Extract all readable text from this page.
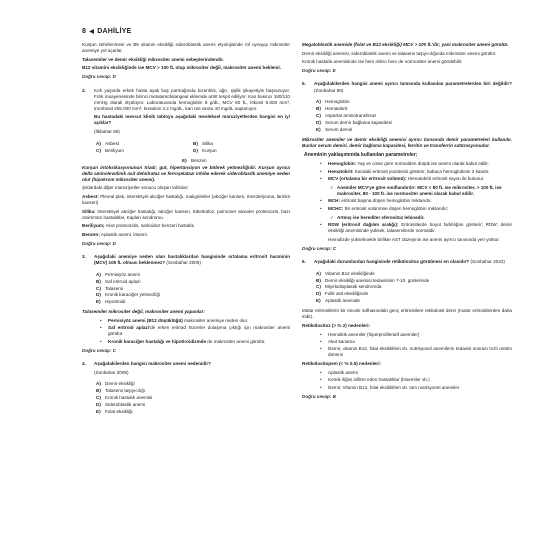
8 ◀ DAHİLİYE

Kurşun zehirlenmesi ve B6 vitamin eksikliği sideroblastik anemi etyolojisinde rol oynayıp mikrositer anemiye yol açarlar.

Talasemiler ve demir eksikliği mikrositer anemi sebeplerindendir.

B12 vitamini eksikliğinde ise MCV > 100 fL olup mikrositer değil, makrositer anemi beklenir.

Doğru cevap: D
2.	Kırk yaşında erkek hasta ayak baş parmağında kızarıklık, ağrı, şişlik şikayetiyle başvuruyor. Fizik muayenesinde birinci metatarsofalangeal eklemde artrit tespit ediliyor. Kan basıncı 180/110 mmHg olarak ölçülüyor. Laboratuvarda hemoglobin 8 g/dL, MCV 60 fL, lökosit 6.000 mm³, trombosit 255.000 mm³, kreatinin 3.2 mg/dL, kan üre azotu 40 mg/dL saptanıyor.

Bu hastadaki mevcut klinik tabloyu aşağıdaki mesleksel maruziyetlerden hangisi en iyi açıklar?

(İlkbahar 88)

A) Asbest	B) Silika
C) Beriliyum	D) Kurşun
E) Benzen

Kurşun intoksikasyonunun triadı; gut, hipertansiyon ve böbrek yetmezliğidir. Kurşun ayrıca delta aminolevülinik asit dehidrataz ve ferroşelatazı inhibe ederek sideroblastik anemiye neden olur (hipokrom mikrositer anemi).

Şıklardaki diğer maruziyetler sonucu oluşan tablolar;

Asbest: Plevral plak, interstisyel akciğer hastalığı, malignitelier (akciğer kanseri, mezotelyoma, larinks kanseri)

Silika: İnterstisyel akciğer hastalığı, akciğer kanseri, tüberküloz, pulmoner alveoler proteinozis, bazı otoimmün hastalıklar, Kaplan sendromu.

Beriliyum; Akut pnömonitis, sarkoidoz benzeri hastalık.

Benzen; Aplastik anemi, lösemi.

Doğru cevap: D
3.	Aşağıdaki anemiye neden olan hastalıklardan hangisinde ortalama eritrosit hacminin (MCV) 105 fL olması beklenmez? (Sonbahar 2005)

A) Pernisiyöz anemi
B) Saf eritroid aplazi
C) Talasemi
D) Kronik karaciğer yetmezliği
E) Hipotiroidi

Talasemiler mikrositer değil, makrositer anemi yapanlar:

•	Pernisiyöz anemi (B12 düşüklüğü) makrositer anemiye neden olur.
•	Saf eritroid aplazi'de erken eritroid hücreler dolaşıma çıktığı için makrositer anemi görülür.
•	Kronik karaciğer hastalığı ve hipotiroidizmde de makrositer anemi görülür.
Doğru cevap: C
4.	Aşağıdakilerden hangisi makrositer anemi nedenidir?

(Sonbahar 2009)

A) Demir eksikliği
B) Talasemi taşıyıcılığı
C) Kronik hastalık anemisi
D) Sideroblastik anemi
E) Folat eksikliği

Megaloblastik anemide (folat ve B12 eksikliği) MCV > 100 fL'dir; yani makrositer anemi görülür.

Demir eksikliği anemisi, sideroblastik anemi ve talasemi taşıyıcılığında mikrositer anemi görülür.

Kronik hastalık anemisinde ise hem mikro hem de normositer anemi görülebilir.

Doğru cevap: E
5.	Aşağıdakilerden hangisi anemi ayırıcı tanısında kullanılan parametrelerden biri değildir? (Sonbahar 89)

A) Hemoglobin
B) Hematokrit
C) Aspartat aminotransferaz
D) Serum demir bağlama kapasitesi
E) Serum demiri

Mikrositer anemiler ve demir eksikliği anemisi ayırıcı tanısında demir parametreleri kullanılır. Bunlar serum demiri, demir bağlama kapasitesi, ferritin ve transferrin satürasyonudur.

Aneminin yaklaşımında kullanılan parametreler;
•	Hemoglobin: Yaş ve cinse göre normalden düşük ise anemi olarak kabul edilir.
•	Hematokrit: Kandaki eritrosit yüzdesini gösterir, kabaca hemoglobinin 3 katıdır.
•	MCV (ortalama bir eritrosit volümü): Hematokrit/ eritrosit sayısı ile bulunur.
✓ Anemiler MCV'ye göre sınıflandırılır: MCV < 80 fL ise mikrositer, > 100 fL ise makrositer, 80 - 100 fL ise normositer anemi olarak kabul edilir.
•	MCH: eritrosit başına düşen hemoglobin miktarıdır.
•	MCHC: Bir eritrosit volümüne düşen hemoglobin miktarıdır;
✓ Artmış ise herediter sferositoz lehinedir.
•	RDW (eritrosit dağılım aralığı): Eritrositlerde boyut farklılığını gösterir; RDW; demir eksikliği anemisinde yüksek, talasemilerde normaldir.

Hemolizde yükselmekle birlikte AST düzeyinin ise anemi ayırıcı tanısında yeri yoktur.

Doğru cevap: C
6.	Aşağıdaki durumlardan hangisinde retikülositoz görülmesi en olasıdır? (Sonbahar 2022)

A) Vitamin B12 eksikliğinde
B) Demir eksikliği anemisi tedavisinin 7-10. günlerinde
C) Miyelodisplastik sendromda
D) Folik asit eksikliğinde
E) Aplastik anemide

Matür eritrositlerin bir önceki safhasındaki genç eritrositlere retikülosit denir (matür eritrositlerden daha iridir).

Retikülositoz (> % 2) nedenleri:

•	Hemolitik anemiler (hiperproliferatif anemiler)
•	Akut kanama
•	Demir, vitamin B12, folat eksiklikleri vb. nutrisyonel anemilerin tedavisi sonrası hızlı üretim dönemi

Retikülositopeni (< % 0.5) nedenleri:

•	Aplastik anemi
•	Kemik iliğini infiltre eden hastalıklar (lösemiler vb.)
•	Demir, Vitamin B12, folat eksiklikleri vb. tüm nutrisyonel anemiler
Doğru cevap: B
